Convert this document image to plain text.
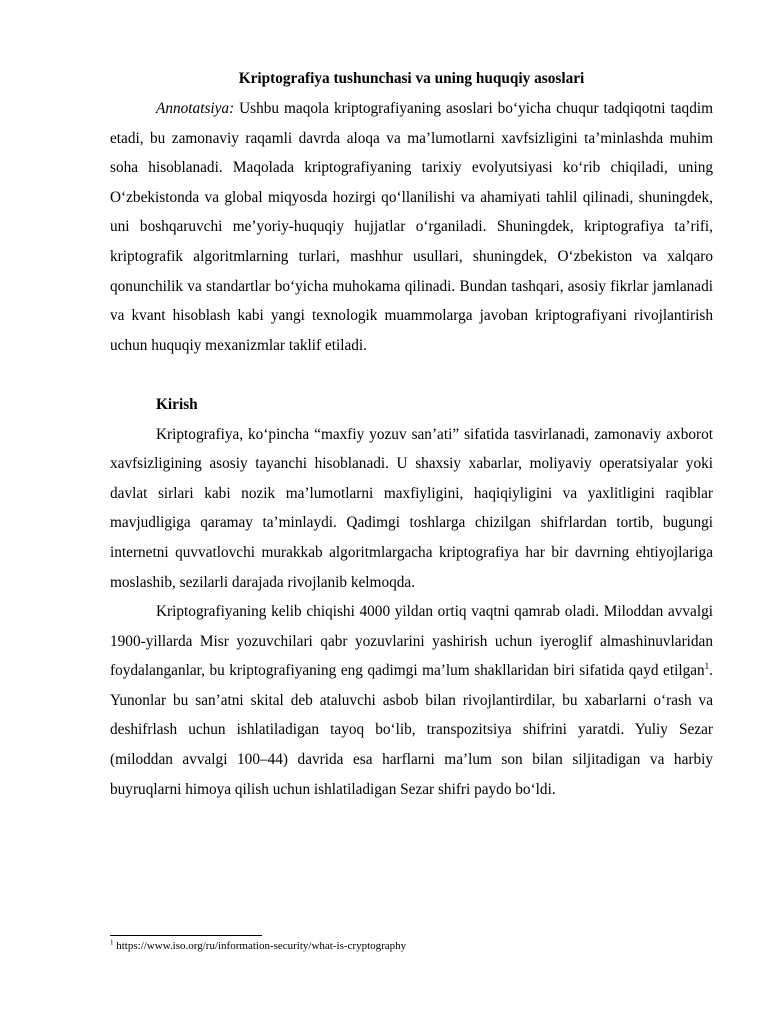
Kriptografiya tushunchasi va uning huquqiy asoslari

Annotatsiya: Ushbu maqola kriptografiyaning asoslari bo‘yicha chuqur tadqiqotni taqdim etadi, bu zamonaviy raqamli davrda aloqa va ma’lumotlarni xavfsizligini ta’minlashda muhim soha hisoblanadi. Maqolada kriptografiyaning tarixiy evolyutsiyasi ko‘rib chiqiladi, uning O‘zbekistonda va global miqyosda hozirgi qo‘llanilishi va ahamiyati tahlil qilinadi, shuningdek, uni boshqaruvchi me’yoriy-huquqiy hujjatlar o‘rganiladi. Shuningdek, kriptografiya ta’rifi, kriptografik algoritmlarning turlari, mashhur usullari, shuningdek, O‘zbekiston va xalqaro qonunchilik va standartlar bo‘yicha muhokama qilinadi. Bundan tashqari, asosiy fikrlar jamlanadi va kvant hisoblash kabi yangi texnologik muammolarga javoban kriptografiyani rivojlantirish uchun huquqiy mexanizmlar taklif etiladi.

Kirish

Kriptografiya, ko‘pincha “maxfiy yozuv san’ati” sifatida tasvirlanadi, zamonaviy axborot xavfsizligining asosiy tayanchi hisoblanadi. U shaxsiy xabarlar, moliyaviy operatsiyalar yoki davlat sirlari kabi nozik ma’lumotlarni maxfiyligini, haqiqiyligini va yaxlitligini raqiblar mavjudligiga qaramay ta’minlaydi. Qadimgi toshlarga chizilgan shifrlardan tortib, bugungi internetni quvvatlovchi murakkab algoritmlargacha kriptografiya har bir davrning ehtiyojlariga moslashib, sezilarli darajada rivojlanib kelmoqda.

Kriptografiyaning kelib chiqishi 4000 yildan ortiq vaqtni qamrab oladi. Miloddan avvalgi 1900-yillarda Misr yozuvchilari qabr yozuvlarini yashirish uchun iyeroglif almashinuvlaridan foydalanganlar, bu kriptografiyaning eng qadimgi ma’lum shakllaridan biri sifatida qayd etilgan$^1$. Yunonlar bu san’atni skital deb ataluvchi asbob bilan rivojlantirdilar, bu xabarlarni o‘rash va deshifrlash uchun ishlatiladigan tayoq bo‘lib, transpozitsiya shifrini yaratdi. Yuliy Sezar (miloddan avvalgi 100–44) davrida esa harflarni ma’lum son bilan siljitadigan va harbiy buyruqlarni himoya qilish uchun ishlatiladigan Sezar shifri paydo bo‘ldi.

$^1$ https://www.iso.org/ru/information-security/what-is-cryptography
